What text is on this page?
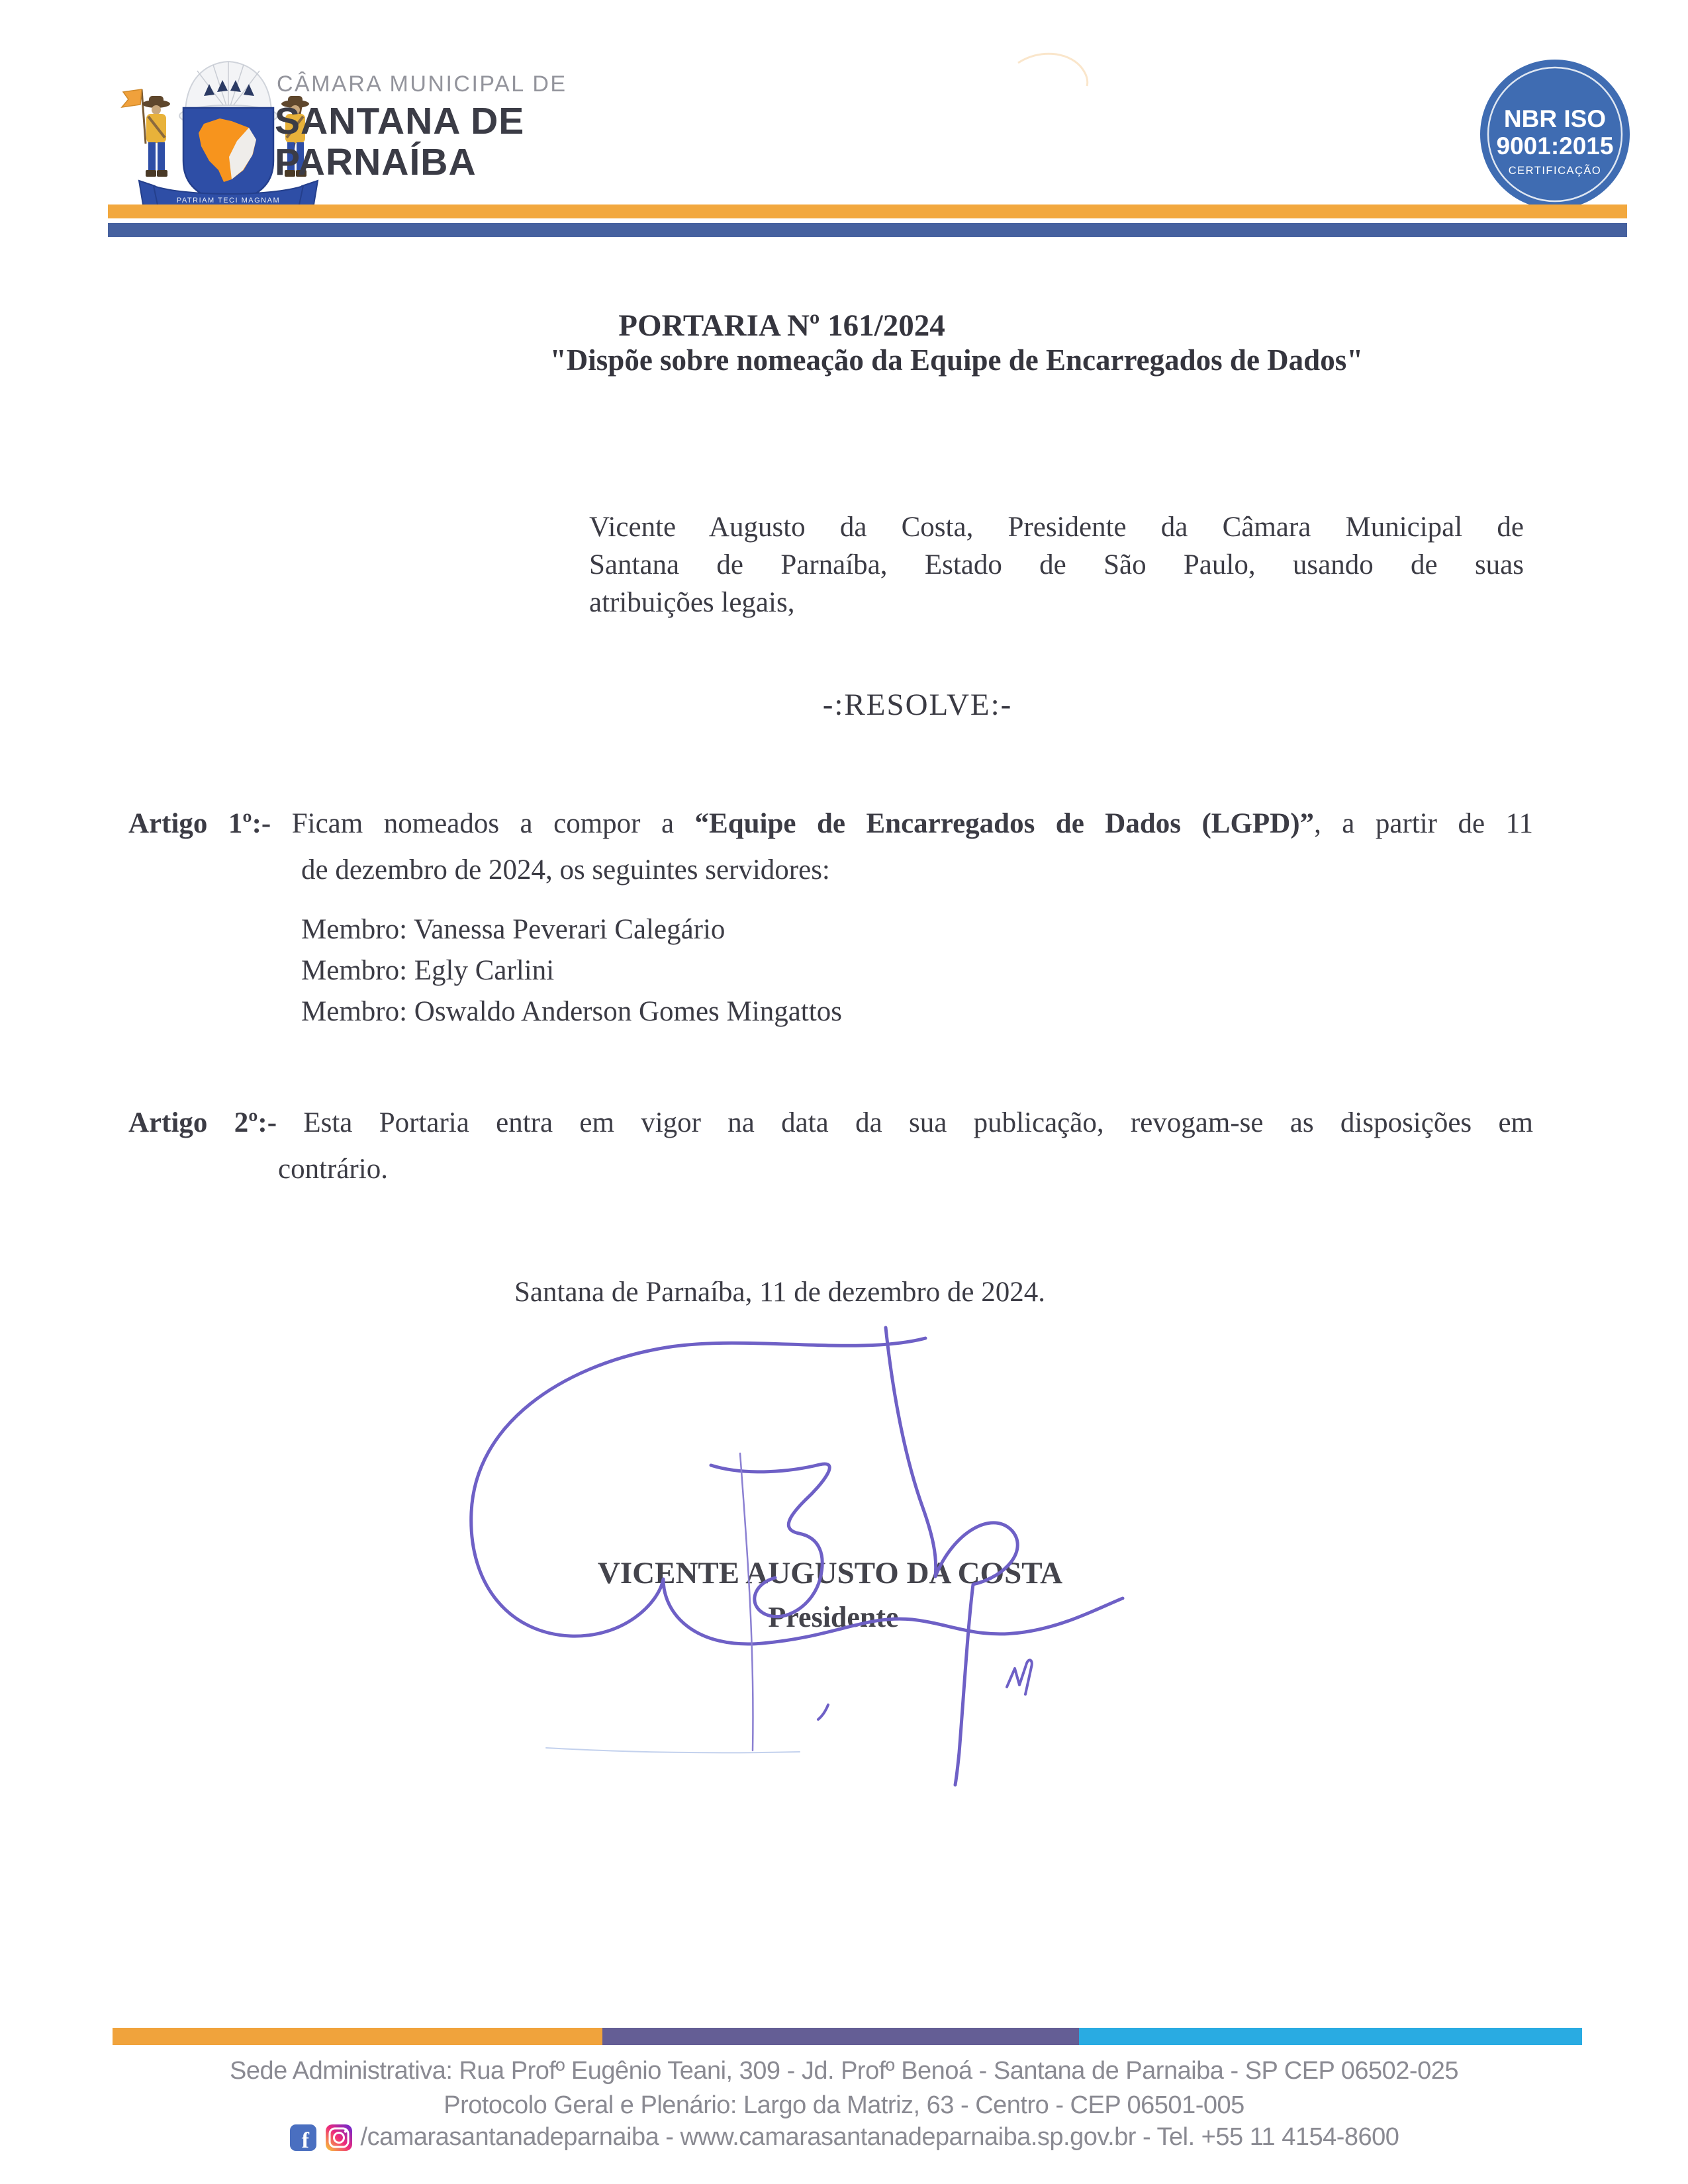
PATRIAM TECI MAGNAM
CÂMARA MUNICIPAL DE
SANTANA DE
PARNAÍBA
NBR ISO
9001:2015
CERTIFICAÇÃO
PORTARIA Nº 161/2024
"Dispõe sobre nomeação da Equipe de Encarregados de Dados"
Vicente Augusto da Costa, Presidente da Câmara Municipal de
Santana de Parnaíba, Estado de São Paulo, usando de suas
atribuições legais,
-:RESOLVE:-
Artigo 1º:- Ficam nomeados a compor a “Equipe de Encarregados de Dados (LGPD)”, a partir de 11
de dezembro de 2024, os seguintes servidores:
Membro: Vanessa Peverari Calegário
Membro: Egly Carlini
Membro: Oswaldo Anderson Gomes Mingattos
Artigo 2º:- Esta Portaria entra em vigor na data da sua publicação, revogam-se as disposições em
contrário.
Santana de Parnaíba, 11 de dezembro de 2024.
VICENTE AUGUSTO DA COSTA
Presidente
Sede Administrativa: Rua Profº Eugênio Teani, 309 - Jd. Profº Benoá - Santana de Parnaiba - SP CEP 06502-025
Protocolo Geral e Plenário: Largo da Matriz, 63 - Centro - CEP 06501-005
f /camarasantanadeparnaiba - www.camarasantanadeparnaiba.sp.gov.br - Tel. +55 11 4154-8600
